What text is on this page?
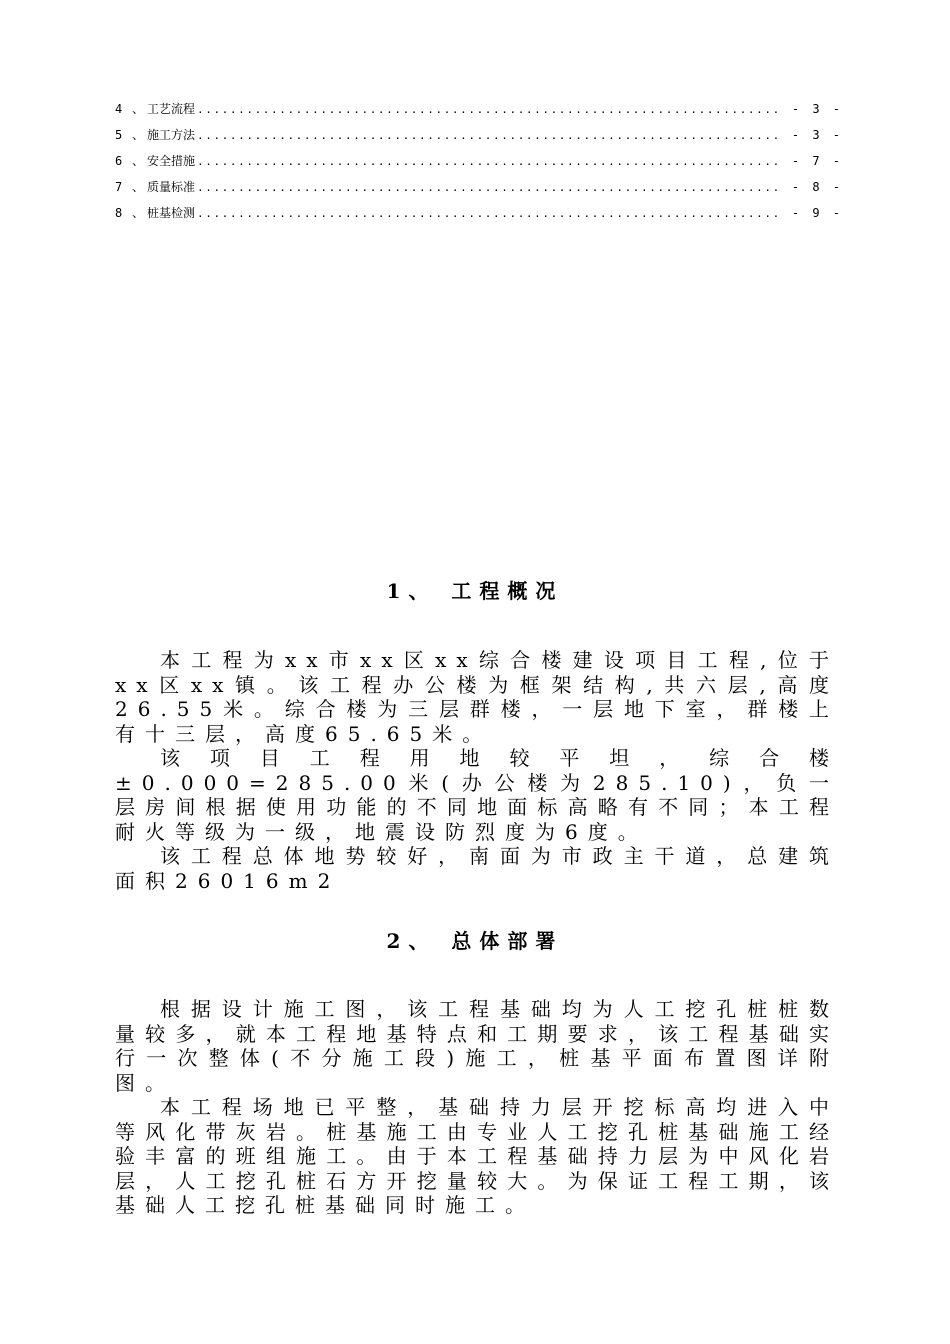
4 、 工艺流程 .....	- 3 -
5 、 施工方法 .....	- 3 -
6 、 安全措施 .....	- 7 -
7 、 质量标准 .....	- 8 -
8 、 桩基检测 .....	- 9 -
1、 工程概况

本工程为xx市xx区xx综合楼建设项目工程,位于xx区xx镇。该工程办公楼为框架结构,共六层,高度26.55米。综合楼为三层群楼，一层地下室，群楼上有十三层，高度65.65米。

该项目工程用地较平坦，综合楼±0.000=285.00米(办公楼为285.10)，负一层房间根据使用功能的不同地面标高略有不同；本工程耐火等级为一级，地震设防烈度为6度。

该工程总体地势较好，南面为市政主干道，总建筑面积26016m2

2、 总体部署

根据设计施工图，该工程基础均为人工挖孔桩桩数量较多，就本工程地基特点和工期要求，该工程基础实行一次整体(不分施工段)施工，桩基平面布置图详附图。

本工程场地已平整，基础持力层开挖标高均进入中等风化带灰岩。桩基施工由专业人工挖孔桩基础施工经验丰富的班组施工。由于本工程基础持力层为中风化岩层，人工挖孔桩石方开挖量较大。为保证工程工期，该基础人工挖孔桩基础同时施工。
